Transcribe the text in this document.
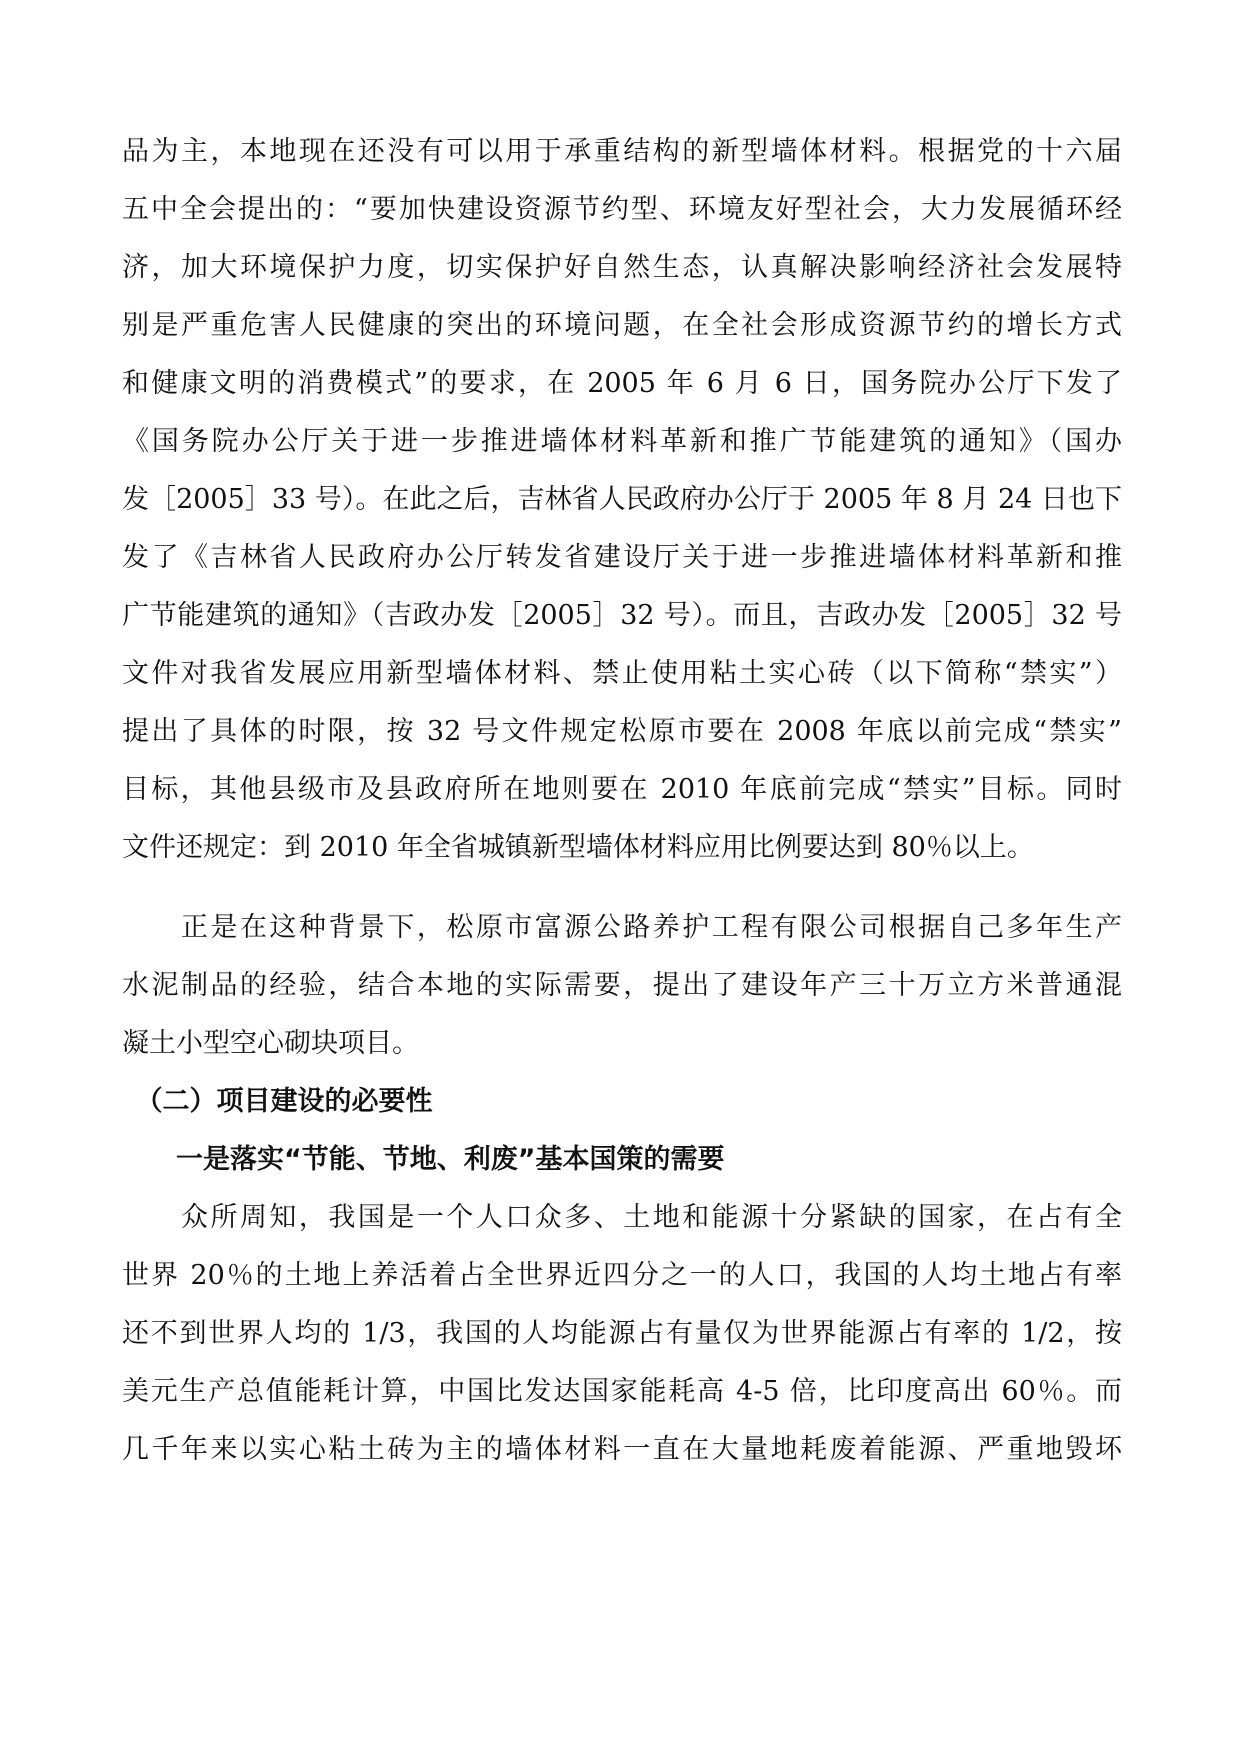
品为主，本地现在还没有可以用于承重结构的新型墙体材料。根据党的十六届
五中全会提出的：“要加快建设资源节约型、环境友好型社会，大力发展循环经
济，加大环境保护力度，切实保护好自然生态，认真解决影响经济社会发展特
别是严重危害人民健康的突出的环境问题，在全社会形成资源节约的增长方式
和健康文明的消费模式”的要求，在 2005 年 6 月 6 日，国务院办公厅下发了
《国务院办公厅关于进一步推进墙体材料革新和推广节能建筑的通知》（国办
发［2005］33 号）。在此之后，吉林省人民政府办公厅于 2005 年 8 月 24 日也下
发了《吉林省人民政府办公厅转发省建设厅关于进一步推进墙体材料革新和推
广节能建筑的通知》（吉政办发［2005］32 号）。而且，吉政办发［2005］32 号
文件对我省发展应用新型墙体材料、禁止使用粘土实心砖（以下简称“禁实”）
提出了具体的时限，按 32 号文件规定松原市要在 2008 年底以前完成“禁实”
目标，其他县级市及县政府所在地则要在 2010 年底前完成“禁实”目标。同时
文件还规定：到 2010 年全省城镇新型墙体材料应用比例要达到 80％以上。
　　正是在这种背景下，松原市富源公路养护工程有限公司根据自己多年生产
水泥制品的经验，结合本地的实际需要，提出了建设年产三十万立方米普通混
凝土小型空心砌块项目。
　（二）项目建设的必要性
　　一是落实“节能、节地、利废”基本国策的需要
　　众所周知，我国是一个人口众多、土地和能源十分紧缺的国家，在占有全
世界 20％的土地上养活着占全世界近四分之一的人口，我国的人均土地占有率
还不到世界人均的 1/3，我国的人均能源占有量仅为世界能源占有率的 1/2，按
美元生产总值能耗计算，中国比发达国家能耗高 4-5 倍，比印度高出 60％。而
几千年来以实心粘土砖为主的墙体材料一直在大量地耗废着能源、严重地毁坏
